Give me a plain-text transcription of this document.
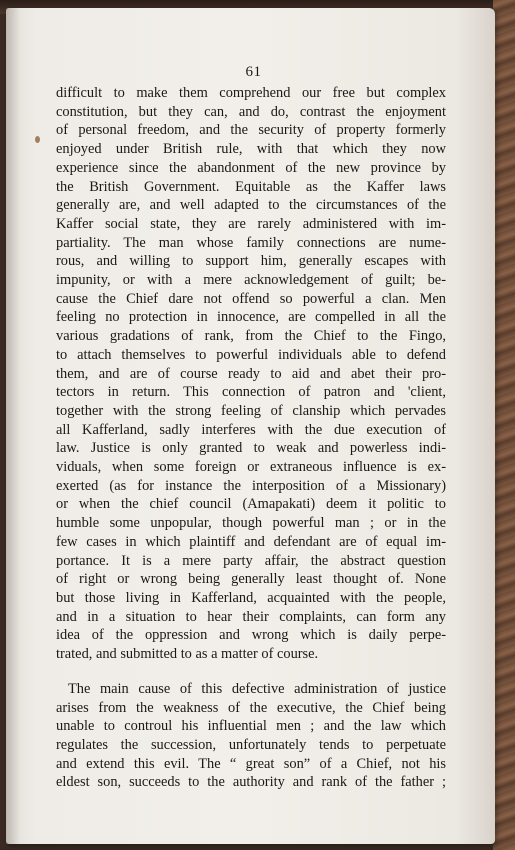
61

difficult to make them comprehend our free but complex

constitution, but they can, and do, contrast the enjoyment

of personal freedom, and the security of property formerly

enjoyed under British rule, with that which they now

experience since the abandonment of the new province by

the British Government. Equitable as the Kaffer laws

generally are, and well adapted to the circumstances of the

Kaffer social state, they are rarely administered with im-

partiality. The man whose family connections are nume-

rous, and willing to support him, generally escapes with

impunity, or with a mere acknowledgement of guilt; be-

cause the Chief dare not offend so powerful a clan. Men

feeling no protection in innocence, are compelled in all the

various gradations of rank, from the Chief to the Fingo,

to attach themselves to powerful individuals able to defend

them, and are of course ready to aid and abet their pro-

tectors in return. This connection of patron and 'client,

together with the strong feeling of clanship which pervades

all Kafferland, sadly interferes with the due execution of

law. Justice is only granted to weak and powerless indi-

viduals, when some foreign or extraneous influence is ex-

exerted (as for instance the interposition of a Missionary)

or when the chief council (Amapakati) deem it politic to

humble some unpopular, though powerful man ; or in the

few cases in which plaintiff and defendant are of equal im-

portance. It is a mere party affair, the abstract question

of right or wrong being generally least thought of. None

but those living in Kafferland, acquainted with the people,

and in a situation to hear their complaints, can form any

idea of the oppression and wrong which is daily perpe-

trated, and submitted to as a matter of course.

The main cause of this defective administration of justice

arises from the weakness of the executive, the Chief being

unable to controul his influential men ; and the law which

regulates the succession, unfortunately tends to perpetuate

and extend this evil. The “ great son” of a Chief, not his

eldest son, succeeds to the authority and rank of the father ;
